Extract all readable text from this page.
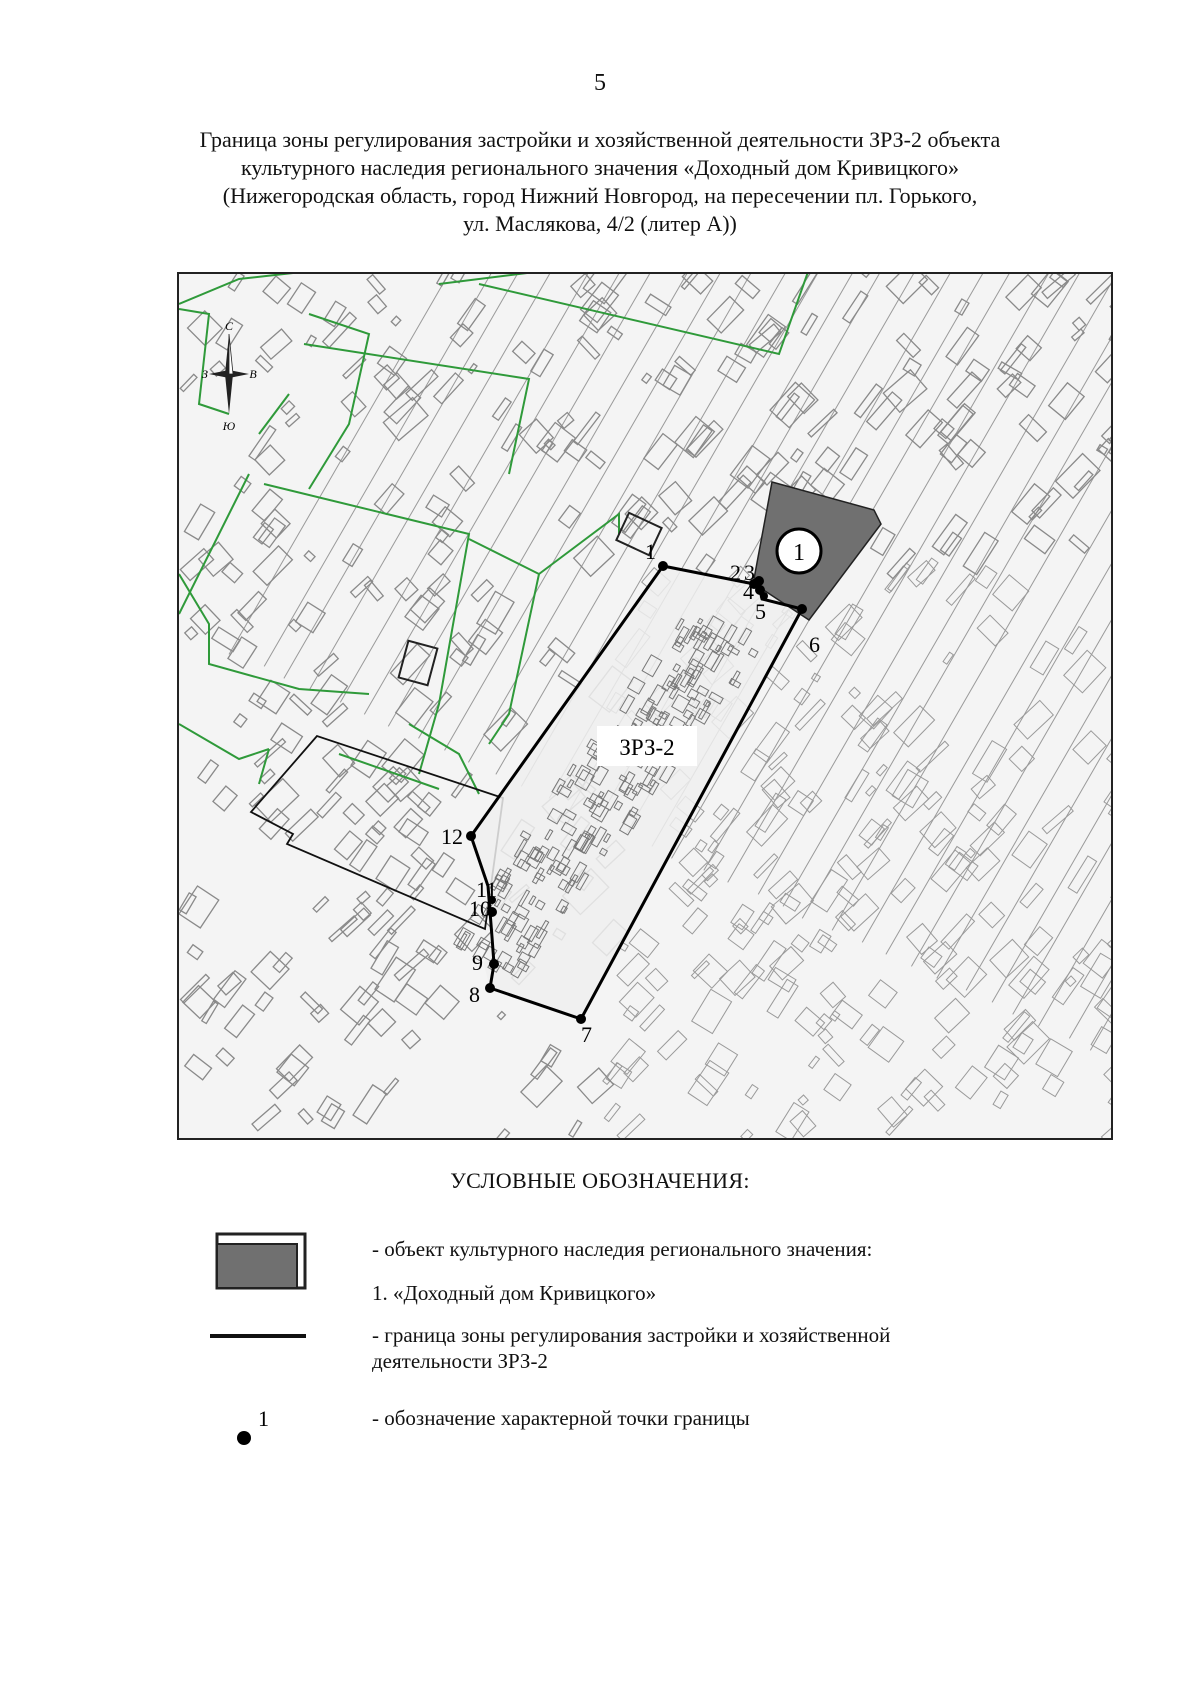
5
Граница зоны регулирования застройки и хозяйственной деятельности ЗРЗ-2 объекта
культурного наследия регионального значения «Доходный дом Кривицкого»
(Нижегородская область, город Нижний Новгород, на пересечении пл. Горького,
ул. Маслякова, 4/2 (литер А))
1
ЗРЗ-2
1
2 3
4
5
6
7
8
9
10
11
12
С
Ю
З	В
УСЛОВНЫЕ ОБОЗНАЧЕНИЯ:
- объект культурного наследия регионального значения:
1. «Доходный дом Кривицкого»
- граница зоны регулирования застройки и хозяйственной деятельности ЗРЗ-2
1	- обозначение характерной точки границы
